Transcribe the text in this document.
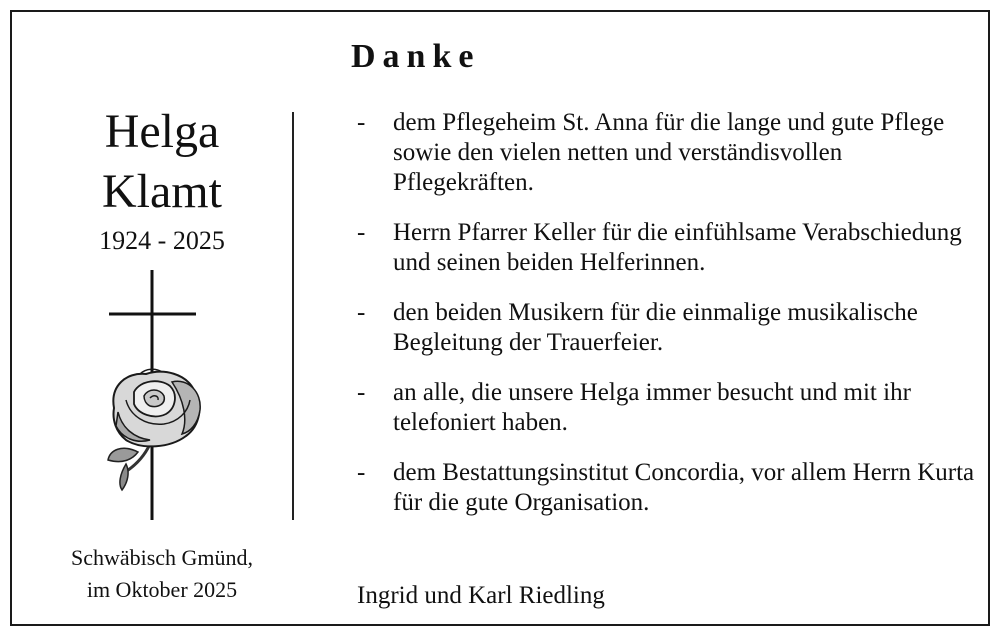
Helga
Klamt
1924 - 2025
Schwäbisch Gmünd,
im Oktober 2025
Danke
- dem Pflegeheim St. Anna für die lange und gute Pflege sowie den vielen netten und verständisvollen Pflegekräften.
- Herrn Pfarrer Keller für die einfühlsame Verabschiedung und seinen beiden Helferinnen.
- den beiden Musikern für die einmalige musikalische Begleitung der Trauerfeier.
- an alle, die unsere Helga immer besucht und mit ihr telefoniert haben.
- dem Bestattungsinstitut Concordia, vor allem Herrn Kurta für die gute Organisation.
Ingrid und Karl Riedling
